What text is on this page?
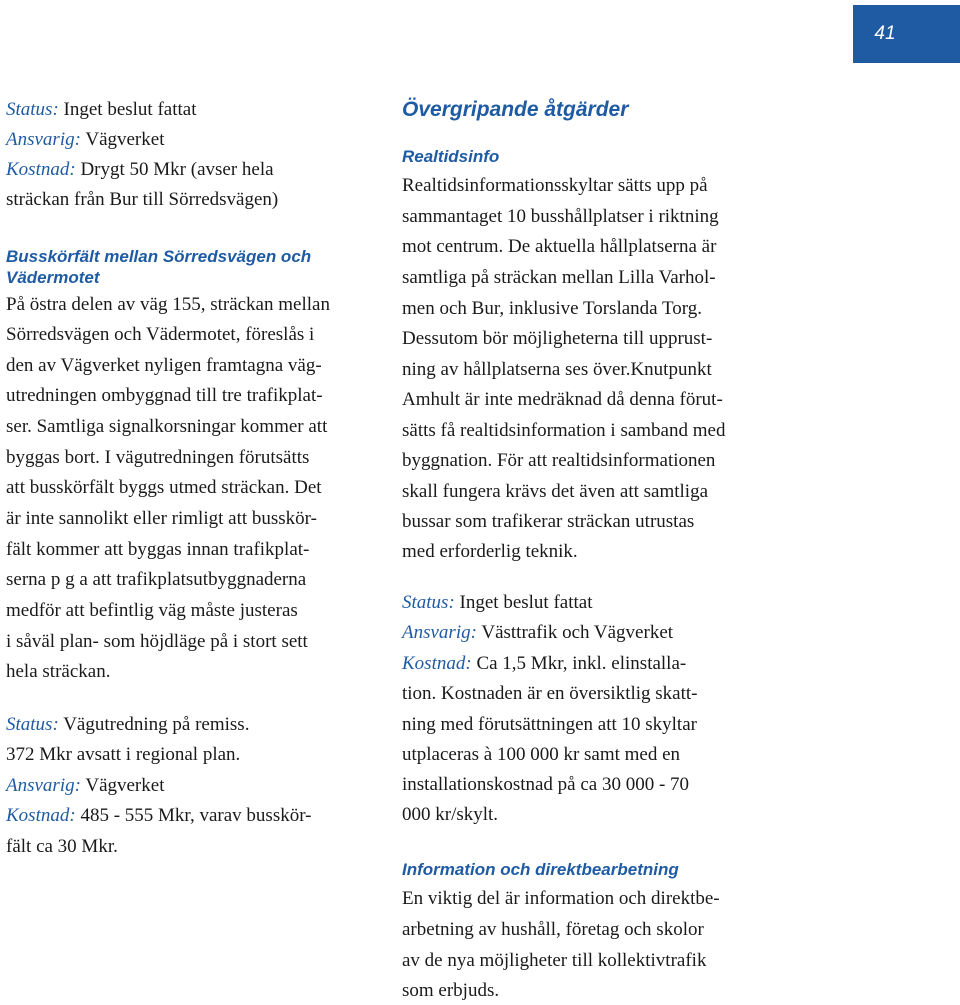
41
Status: Inget beslut fattat
Ansvarig: Vägverket
Kostnad: Drygt 50 Mkr (avser hela
sträckan från Bur till Sörredsvägen)
Busskörfält mellan Sörredsvägen och
Vädermotet
På östra delen av väg 155, sträckan mellan
Sörredsvägen och Vädermotet, föreslås i
den av Vägverket nyligen framtagna väg-
utredningen ombyggnad till tre trafikplat-
ser. Samtliga signalkorsningar kommer att
byggas bort. I vägutredningen förutsätts
att busskörfält byggs utmed sträckan. Det
är inte sannolikt eller rimligt att busskör-
fält kommer att byggas innan trafikplat-
serna p g a att trafikplatsutbyggnaderna
medför att befintlig väg måste justeras
i såväl plan- som höjdläge på i stort sett
hela sträckan.
Status: Vägutredning på remiss.
372 Mkr avsatt i regional plan.
Ansvarig: Vägverket
Kostnad: 485 - 555 Mkr, varav busskör-
fält ca 30 Mkr.
Övergripande åtgärder
Realtidsinfo
Realtidsinformationsskyltar sätts upp på
sammantaget 10 busshållplatser i riktning
mot centrum. De aktuella hållplatserna är
samtliga på sträckan mellan Lilla Varhol-
men och Bur, inklusive Torslanda Torg.
Dessutom bör möjligheterna till upprust-
ning av hållplatserna ses över.Knutpunkt
Amhult är inte medräknad då denna förut-
sätts få realtidsinformation i samband med
byggnation. För att realtidsinformationen
skall fungera krävs det även att samtliga
bussar som trafikerar sträckan utrustas
med erforderlig teknik.
Status: Inget beslut fattat
Ansvarig: Västtrafik och Vägverket
Kostnad: Ca 1,5 Mkr, inkl. elinstalla-
tion. Kostnaden är en översiktlig skatt-
ning med förutsättningen att 10 skyltar
utplaceras à 100 000 kr samt med en
installationskostnad på ca 30 000 - 70
000 kr/skylt.
Information och direktbearbetning
En viktig del är information och direktbe-
arbetning av hushåll, företag och skolor
av de nya möjligheter till kollektivtrafik
som erbjuds.
